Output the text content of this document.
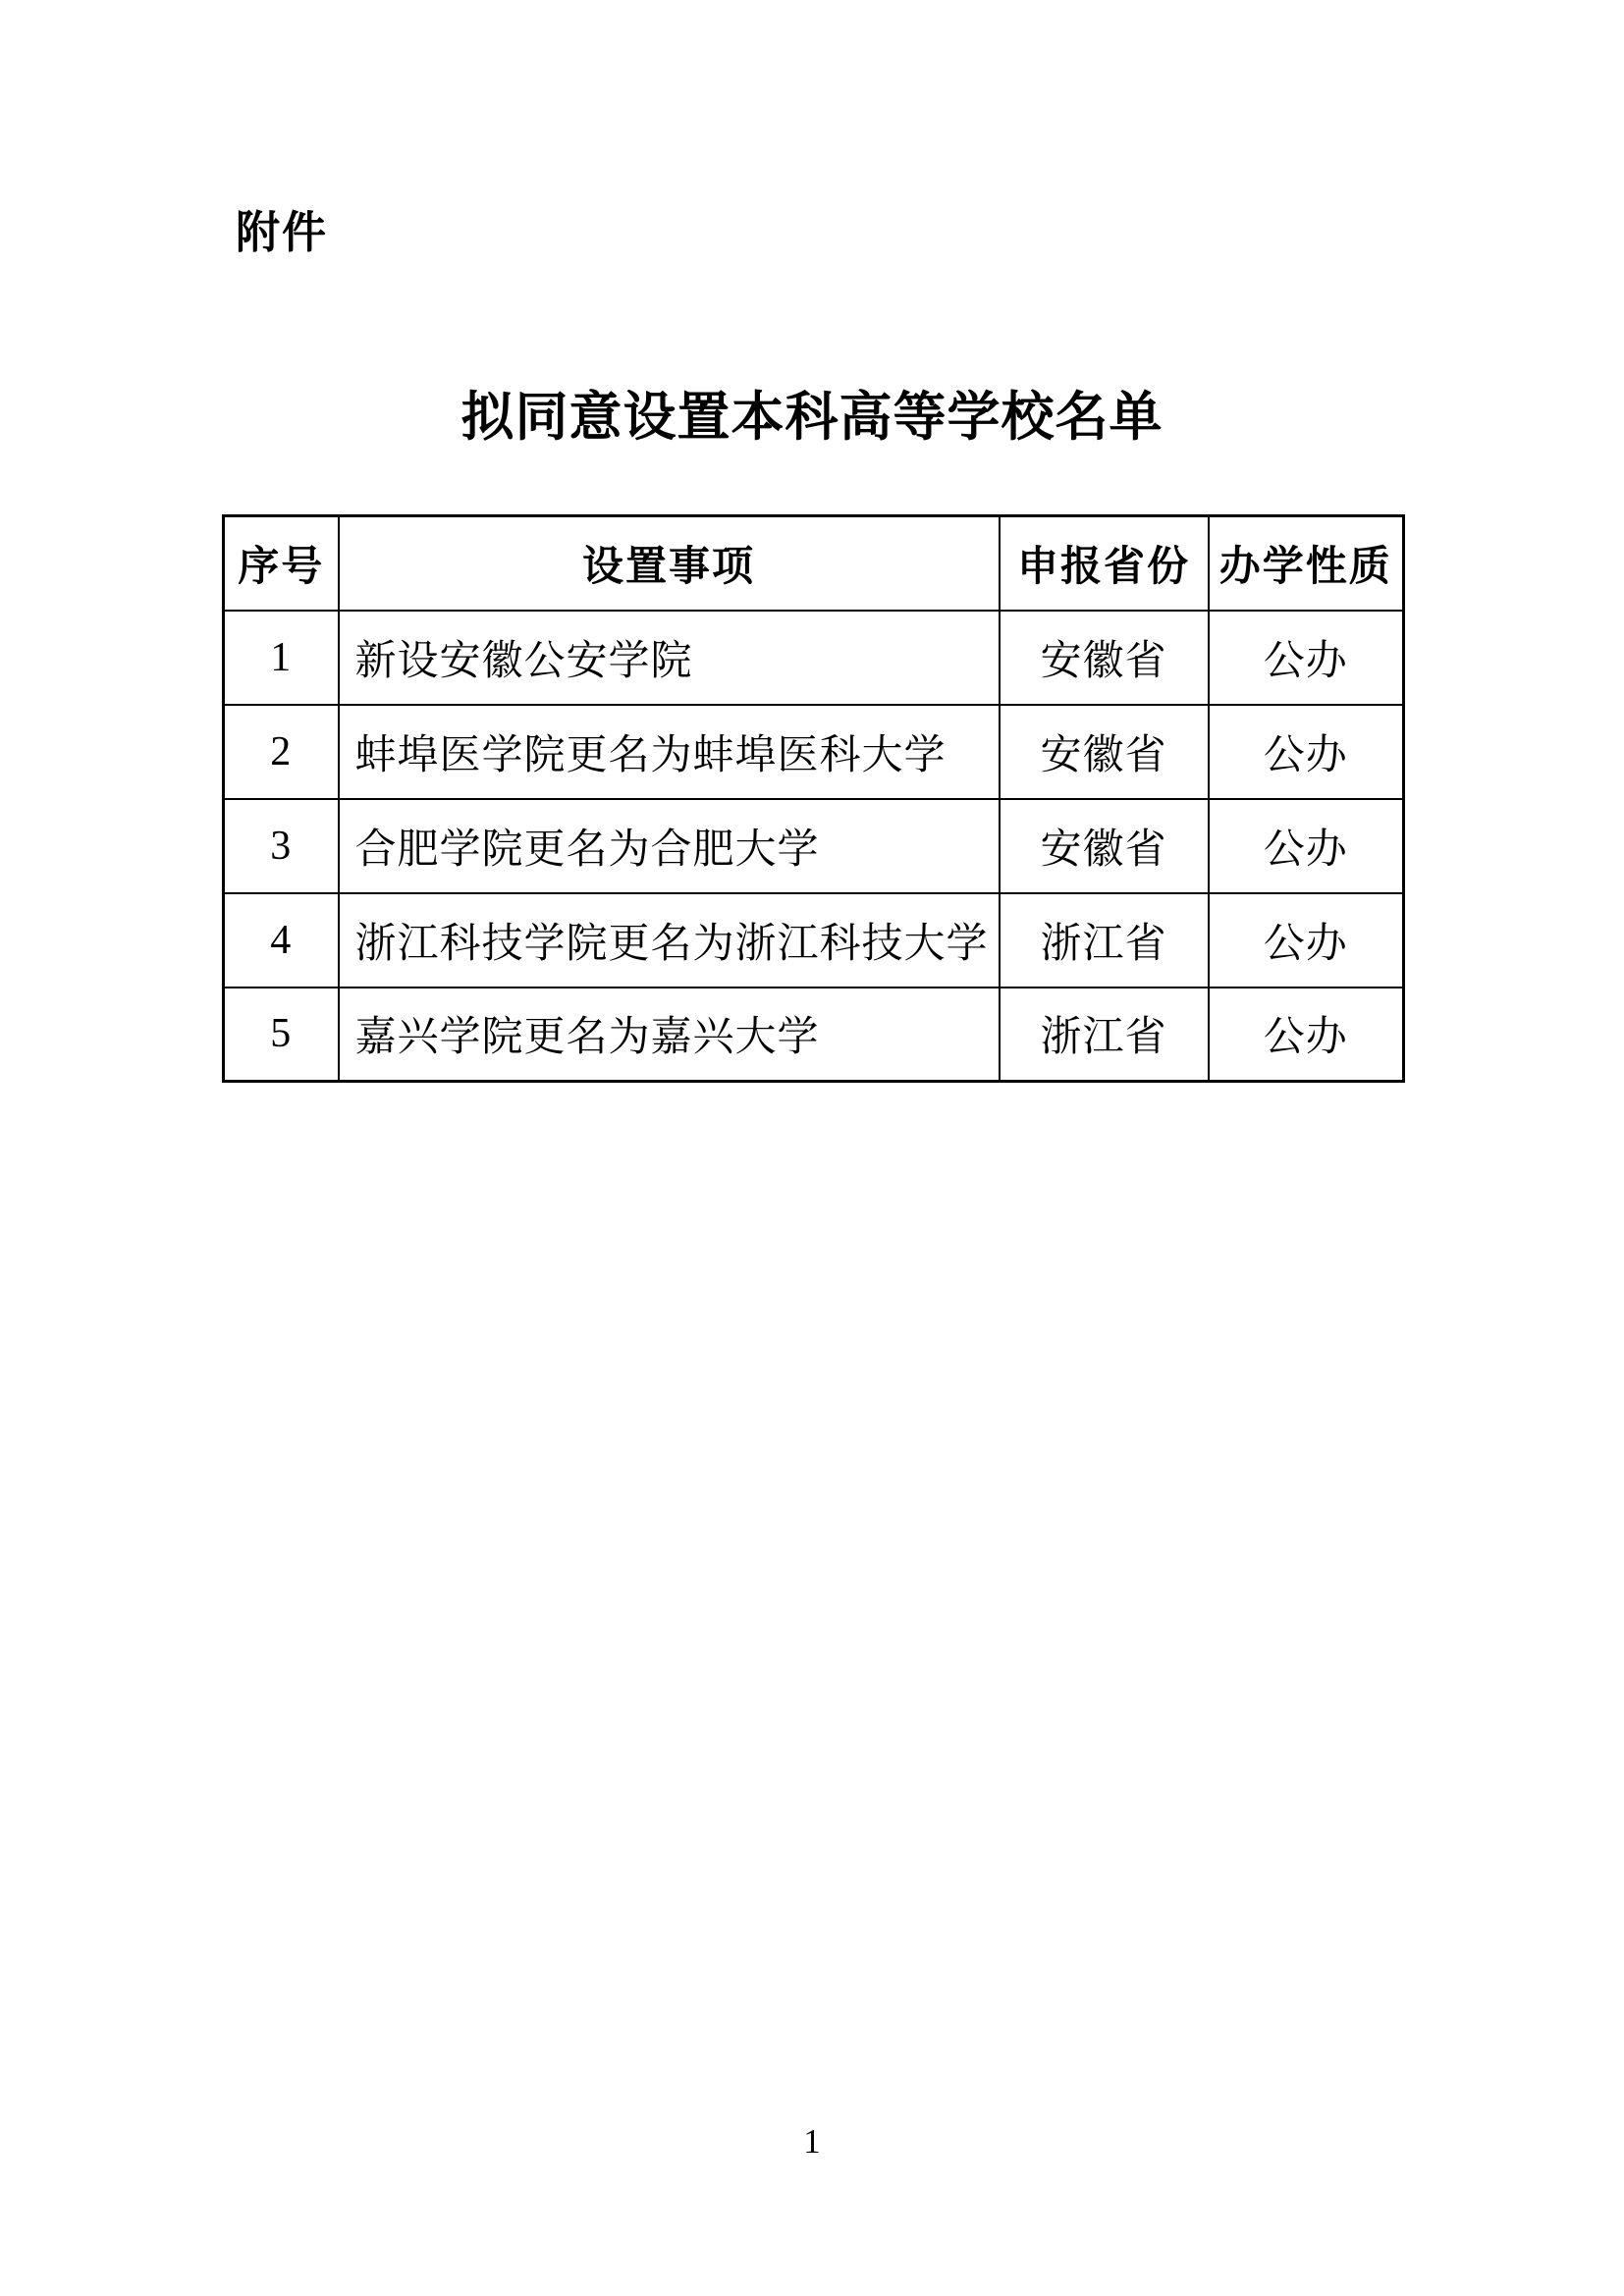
附件
拟同意设置本科高等学校名单
序号	设置事项	申报省份	办学性质
1	新设安徽公安学院	安徽省	公办
2	蚌埠医学院更名为蚌埠医科大学	安徽省	公办
3	合肥学院更名为合肥大学	安徽省	公办
4	浙江科技学院更名为浙江科技大学	浙江省	公办
5	嘉兴学院更名为嘉兴大学	浙江省	公办
1
